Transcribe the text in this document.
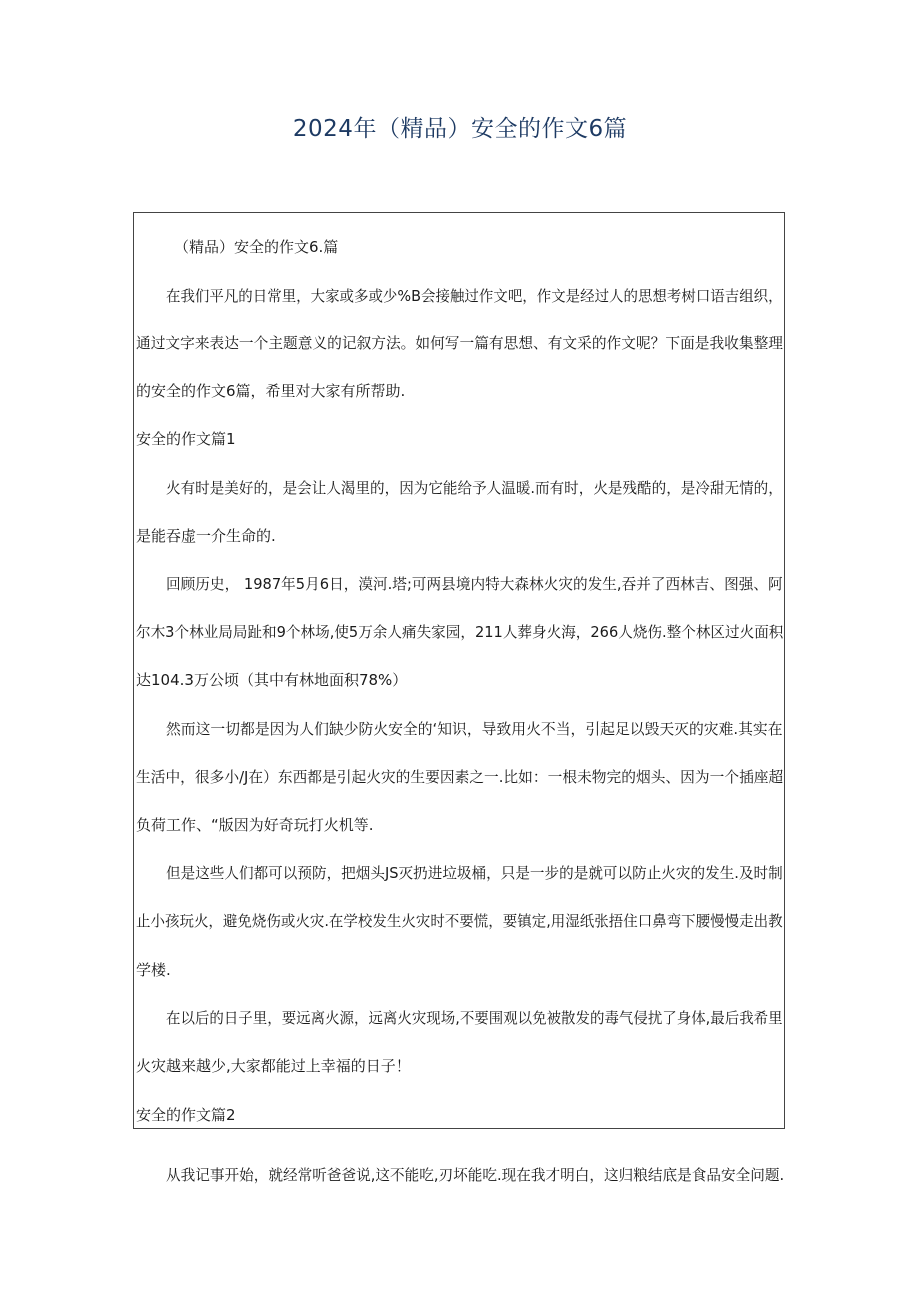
2024年（精品）安全的作文6篇
（精品）安全的作文6.篇
在我们平凡的日常里，大家或多或少%B会接触过作文吧，作文是经过人的思想考树口语吉组织，
通过文字来表达一个主题意义的记叙方法。如何写一篇有思想、有文采的作文呢？下面是我收集整理
的安全的作文6篇，希里对大家有所帮助.
安全的作文篇1
火有时是美好的，是会让人渴里的，因为它能给予人温暖.而有时，火是残酷的，是冷甜无情的，
是能吞虚一介生命的.
回顾历史， 1987年5月6日，漠河.塔;可两县境内特大森林火灾的发生,吞并了西林吉、图强、阿
尔木3个林业局局趾和9个林场,使5万余人痛失家园，211人葬身火海，266人烧伤.整个林区过火面积
达104.3万公顷（其中有林地面积78%）
然而这一切都是因为人们缺少防火安全的‘知识，导致用火不当，引起足以毁天灭的灾难.其实在
生活中，很多小/J在）东西都是引起火灾的生要因素之一.比如：一根未物完的烟头、因为一个插座超
负荷工作、“版因为好奇玩打火机等.
但是这些人们都可以预防，把烟头JS灭扔进垃圾桶，只是一步的是就可以防止火灾的发生.及时制
止小孩玩火，避免烧伤或火灾.在学校发生火灾时不要慌，要镇定,用湿纸张捂住口鼻弯下腰慢慢走出教
学楼.
在以后的日子里，要远离火源，远离火灾现场,不要围观以免被散发的毒气侵扰了身体,最后我希里
火灾越来越少,大家都能过上幸福的日子！
安全的作文篇2
从我记事开始，就经常听爸爸说,这不能吃,刃坏能吃.现在我才明白，这归粮结底是食品安全问题.
